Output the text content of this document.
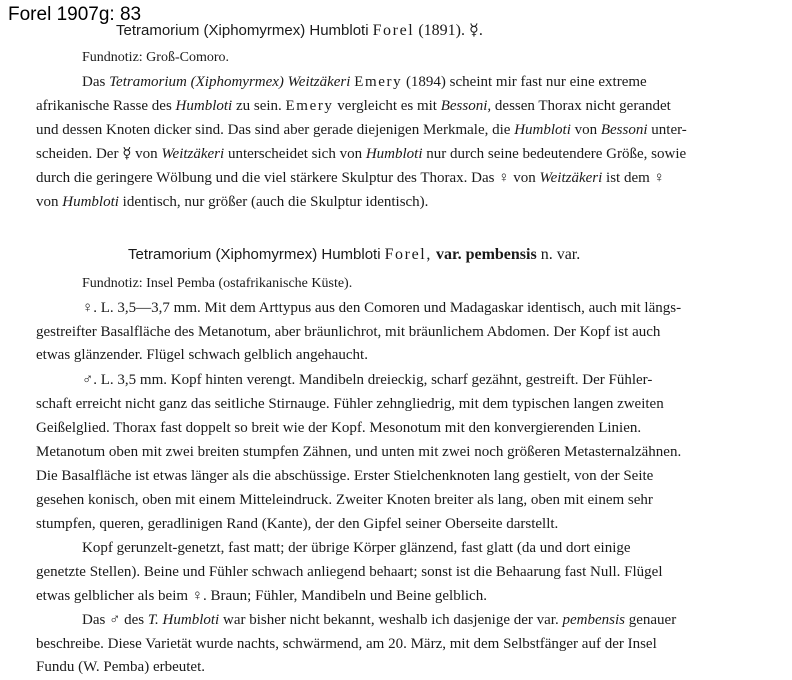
Forel 1907g: 83
Tetramorium (Xiphomyrmex) Humbloti Forel (1891). ☿.
Fundnotiz: Groß-Comoro.
Das Tetramorium (Xiphomyrmex) Weitzäkeri Emery (1894) scheint mir fast nur eine extreme
afrikanische Rasse des Humbloti zu sein. Emery vergleicht es mit Bessoni, dessen Thorax nicht gerandet
und dessen Knoten dicker sind. Das sind aber gerade diejenigen Merkmale, die Humbloti von Bessoni unter-
scheiden. Der ☿ von Weitzäkeri unterscheidet sich von Humbloti nur durch seine bedeutendere Größe, sowie
durch die geringere Wölbung und die viel stärkere Skulptur des Thorax. Das ♀ von Weitzäkeri ist dem ♀
von Humbloti identisch, nur größer (auch die Skulptur identisch).
Tetramorium (Xiphomyrmex) Humbloti Forel, var. pembensis n. var.
Fundnotiz: Insel Pemba (ostafrikanische Küste).
♀. L. 3,5—3,7 mm. Mit dem Arttypus aus den Comoren und Madagaskar identisch, auch mit längs-
gestreifter Basalfläche des Metanotum, aber bräunlichrot, mit bräunlichem Abdomen. Der Kopf ist auch
etwas glänzender. Flügel schwach gelblich angehaucht.
♂. L. 3,5 mm. Kopf hinten verengt. Mandibeln dreieckig, scharf gezähnt, gestreift. Der Fühler-
schaft erreicht nicht ganz das seitliche Stirnauge. Fühler zehngliedrig, mit dem typischen langen zweiten
Geißelglied. Thorax fast doppelt so breit wie der Kopf. Mesonotum mit den konvergierenden Linien.
Metanotum oben mit zwei breiten stumpfen Zähnen, und unten mit zwei noch größeren Metasternalzähnen.
Die Basalfläche ist etwas länger als die abschüssige. Erster Stielchenknoten lang gestielt, von der Seite
gesehen konisch, oben mit einem Mitteleindruck. Zweiter Knoten breiter als lang, oben mit einem sehr
stumpfen, queren, geradlinigen Rand (Kante), der den Gipfel seiner Oberseite darstellt.
Kopf gerunzelt-genetzt, fast matt; der übrige Körper glänzend, fast glatt (da und dort einige
genetzte Stellen). Beine und Fühler schwach anliegend behaart; sonst ist die Behaarung fast Null. Flügel
etwas gelblicher als beim ♀. Braun; Fühler, Mandibeln und Beine gelblich.
Das ♂ des T. Humbloti war bisher nicht bekannt, weshalb ich dasjenige der var. pembensis genauer
beschreibe. Diese Varietät wurde nachts, schwärmend, am 20. März, mit dem Selbstfänger auf der Insel
Fundu (W. Pemba) erbeutet.
